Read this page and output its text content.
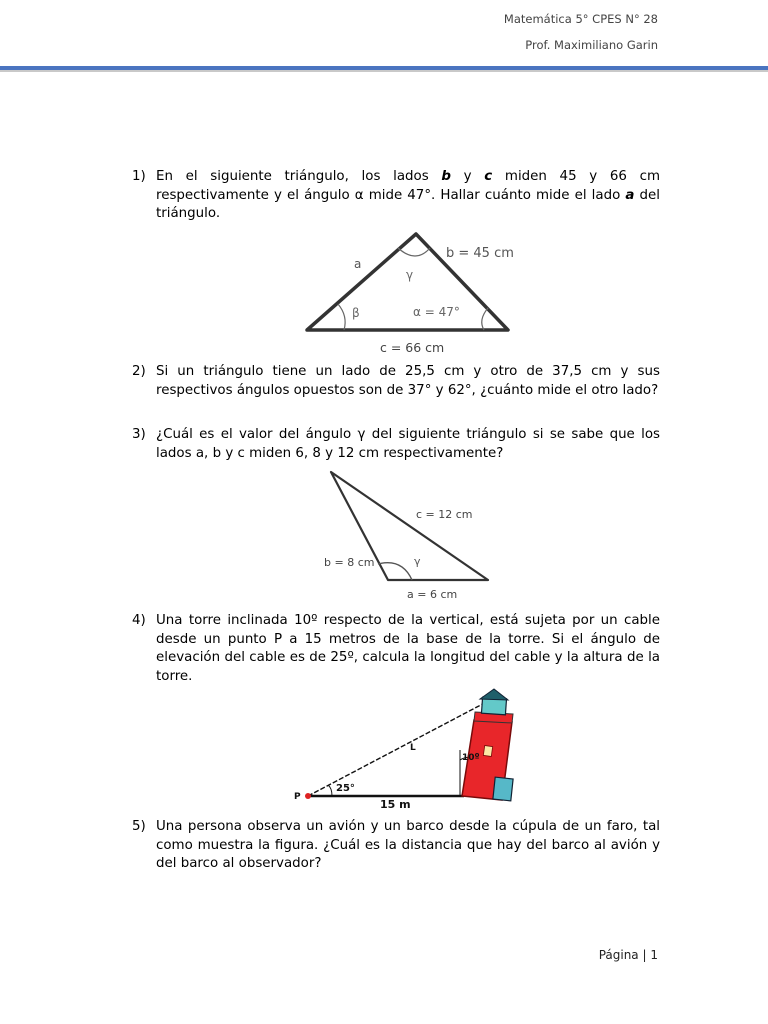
Matemática 5° CPES N° 28
Prof. Maximiliano Garin
1) En el siguiente triángulo, los lados b y c miden 45 y 66 cm respectivamente y el ángulo α mide 47°. Hallar cuánto mide el lado a del triángulo.
a
b = 45 cm
γ
β	α = 47°
c = 66 cm
2) Si un triángulo tiene un lado de 25,5 cm y otro de 37,5 cm y sus respectivos ángulos opuestos son de 37° y 62°, ¿cuánto mide el otro lado?
3) ¿Cuál es el valor del ángulo γ del siguiente triángulo si se sabe que los lados a, b y c miden 6, 8 y 12 cm respectivamente?
c = 12 cm
b = 8 cm	γ
a = 6 cm
4) Una torre inclinada 10º respecto de la vertical, está sujeta por un cable desde un punto P a 15 metros de la base de la torre. Si el ángulo de elevación del cable es de 25º, calcula la longitud del cable y la altura de la torre.
L
10º
P
25°
15 m
5) Una persona observa un avión y un barco desde la cúpula de un faro, tal como muestra la figura. ¿Cuál es la distancia que hay del barco al avión y del barco al observador?
Página | 1
